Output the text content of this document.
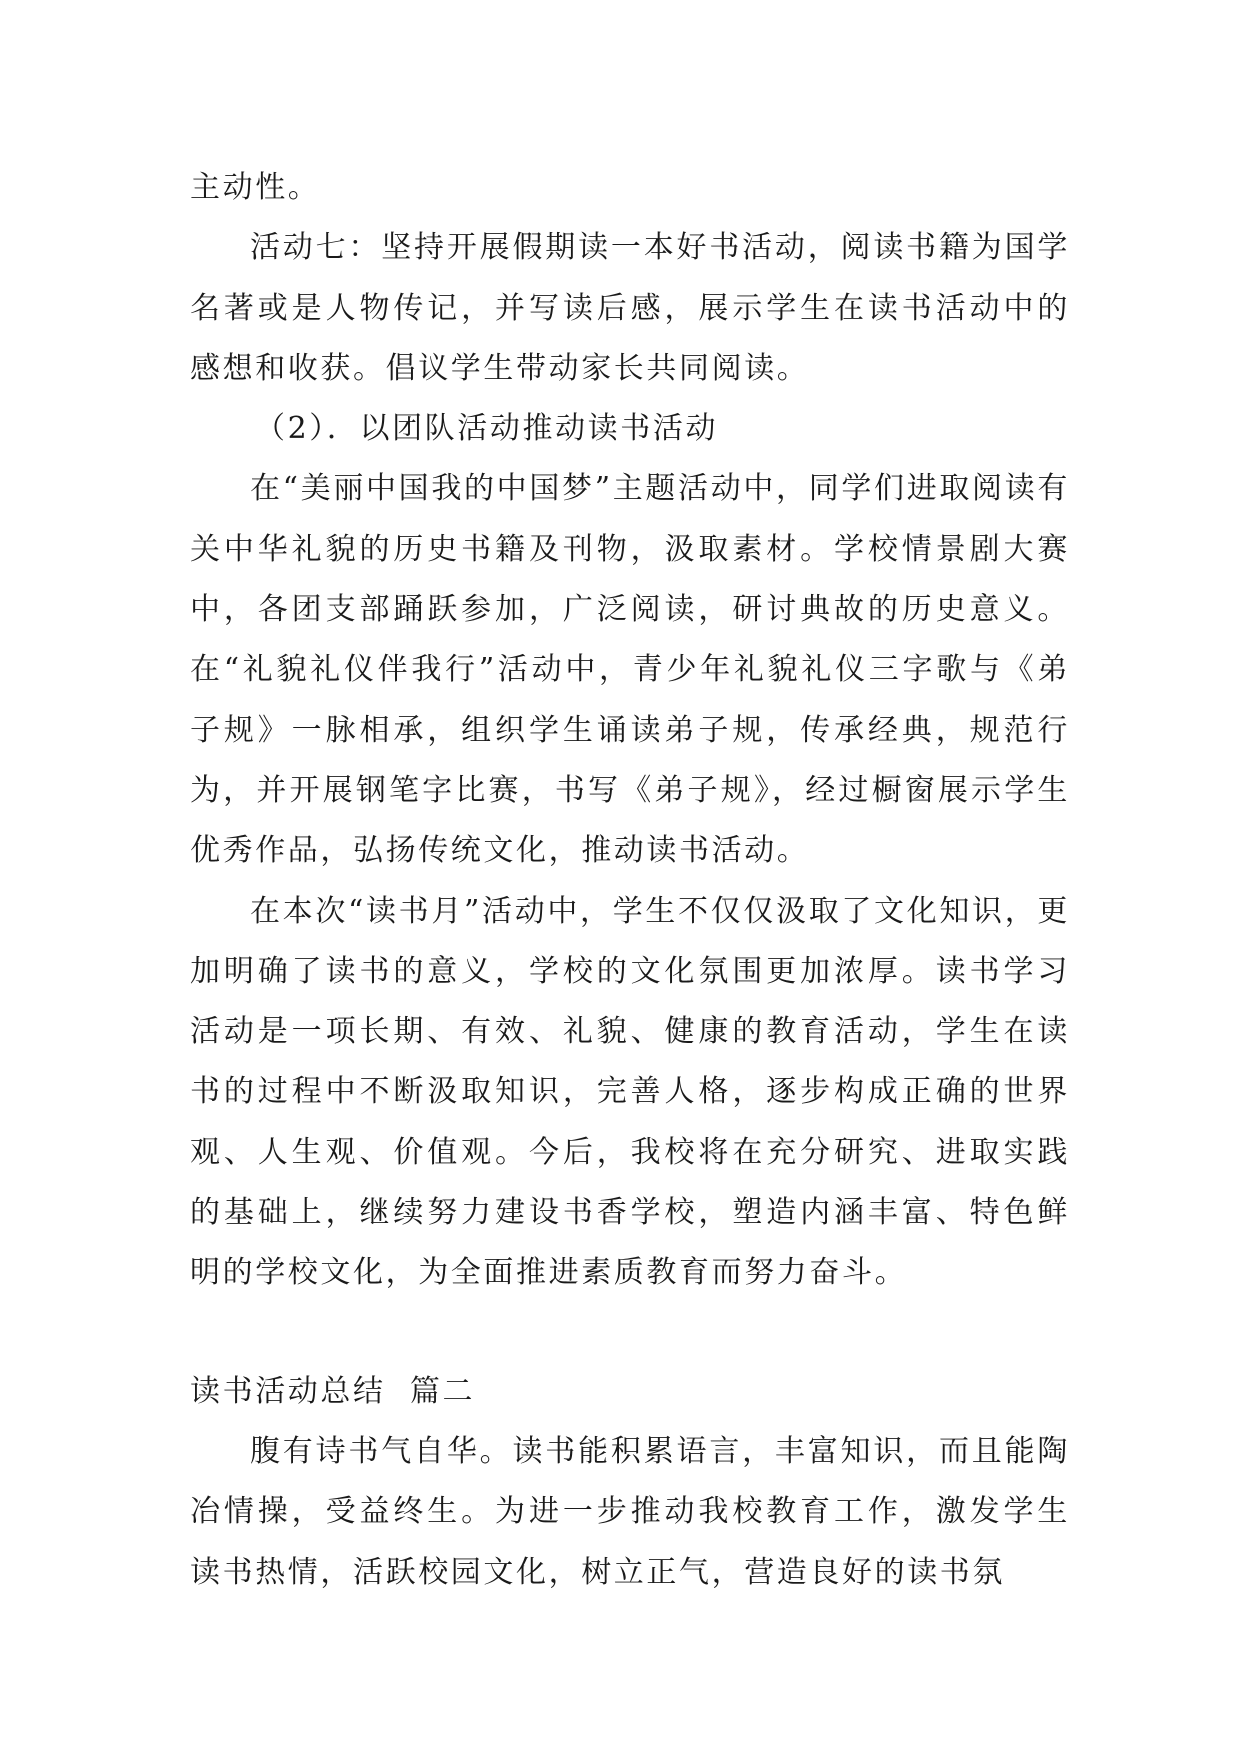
主动性。

活动七：坚持开展假期读一本好书活动，阅读书籍为国学名著或是人物传记，并写读后感，展示学生在读书活动中的感想和收获。倡议学生带动家长共同阅读。

（2）．以团队活动推动读书活动

在“美丽中国我的中国梦”主题活动中，同学们进取阅读有关中华礼貌的历史书籍及刊物，汲取素材。学校情景剧大赛中，各团支部踊跃参加，广泛阅读，研讨典故的历史意义。在“礼貌礼仪伴我行”活动中，青少年礼貌礼仪三字歌与《弟子规》一脉相承，组织学生诵读弟子规，传承经典，规范行为，并开展钢笔字比赛，书写《弟子规》，经过橱窗展示学生优秀作品，弘扬传统文化，推动读书活动。

在本次“读书月”活动中，学生不仅仅汲取了文化知识，更加明确了读书的意义，学校的文化氛围更加浓厚。读书学习活动是一项长期、有效、礼貌、健康的教育活动，学生在读书的过程中不断汲取知识，完善人格，逐步构成正确的世界观、人生观、价值观。今后，我校将在充分研究、进取实践的基础上，继续努力建设书香学校，塑造内涵丰富、特色鲜明的学校文化，为全面推进素质教育而努力奋斗。

读书活动总结  篇二

腹有诗书气自华。读书能积累语言，丰富知识，而且能陶冶情操，受益终生。为进一步推动我校教育工作，激发学生读书热情，活跃校园文化，树立正气，营造良好的读书氛
